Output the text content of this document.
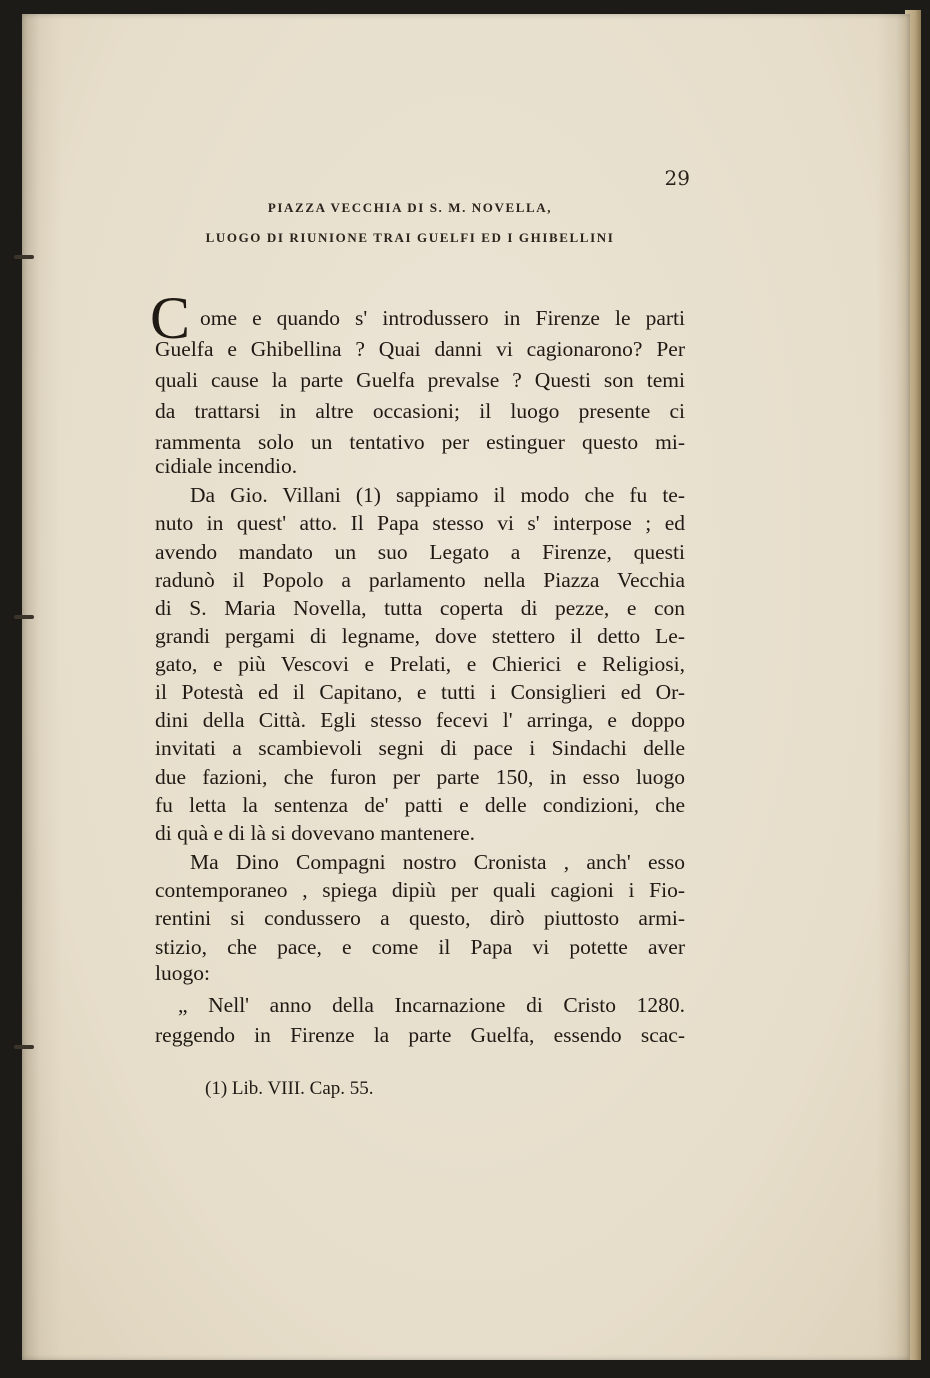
29
PIAZZA VECCHIA DI S. M. NOVELLA,
LUOGO DI RIUNIONE TRAI GUELFI ED I GHIBELLINI
C ome e quando s' introdussero in Firenze le parti
Guelfa e Ghibellina ? Quai danni vi cagionarono? Per
quali cause la parte Guelfa prevalse ? Questi son temi
da trattarsi in altre occasioni; il luogo presente ci
rammenta solo un tentativo per estinguer questo mi-
cidiale incendio.
Da Gio. Villani (1) sappiamo il modo che fu te-
nuto in quest' atto. Il Papa stesso vi s' interpose ; ed
avendo mandato un suo Legato a Firenze, questi
radunò il Popolo a parlamento nella Piazza Vecchia
di S. Maria Novella, tutta coperta di pezze, e con
grandi pergami di legname, dove stettero il detto Le-
gato, e più Vescovi e Prelati, e Chierici e Religiosi,
il Potestà ed il Capitano, e tutti i Consiglieri ed Or-
dini della Città. Egli stesso fecevi l' arringa, e doppo
invitati a scambievoli segni di pace i Sindachi delle
due fazioni, che furon per parte 150, in esso luogo
fu letta la sentenza de' patti e delle condizioni, che
di quà e di là si dovevano mantenere.
Ma Dino Compagni nostro Cronista , anch' esso
contemporaneo , spiega dipiù per quali cagioni i Fio-
rentini si condussero a questo, dirò piuttosto armi-
stizio, che pace, e come il Papa vi potette aver
luogo:
„ Nell' anno della Incarnazione di Cristo 1280.
reggendo in Firenze la parte Guelfa, essendo scac-
(1) Lib. VIII. Cap. 55.
